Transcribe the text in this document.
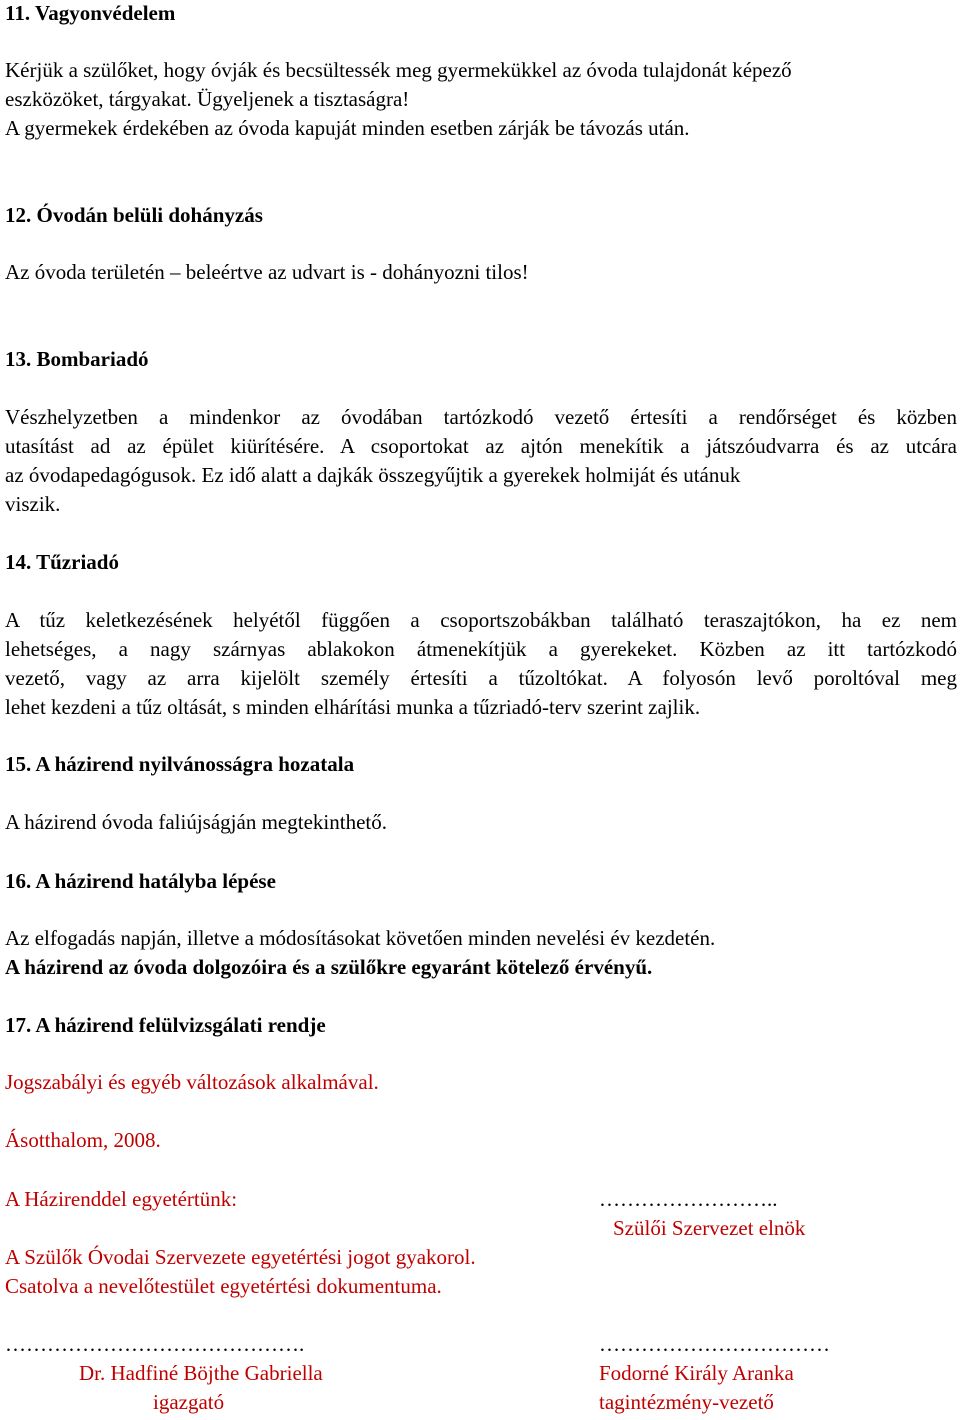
11. Vagyonvédelem
Kérjük a szülőket, hogy óvják és becsültessék meg gyermekükkel az óvoda tulajdonát képező
eszközöket, tárgyakat. Ügyeljenek a tisztaságra!
A gyermekek érdekében az óvoda kapuját minden esetben zárják be távozás után.
12. Óvodán belüli dohányzás
Az óvoda területén – beleértve az udvart is - dohányozni tilos!
13. Bombariadó
Vészhelyzetben a mindenkor az óvodában tartózkodó vezető értesíti a rendőrséget és közben
utasítást ad az épület kiürítésére. A csoportokat az ajtón menekítik a játszóudvarra és az utcára
az óvodapedagógusok. Ez idő alatt a dajkák összegyűjtik a gyerekek holmiját és utánuk
viszik.
14. Tűzriadó
A tűz keletkezésének helyétől függően a csoportszobákban található teraszajtókon, ha ez nem
lehetséges, a nagy szárnyas ablakokon átmenekítjük a gyerekeket. Közben az itt tartózkodó
vezető, vagy az arra kijelölt személy értesíti a tűzoltókat. A folyosón levő poroltóval meg
lehet kezdeni a tűz oltását, s minden elhárítási munka a tűzriadó-terv szerint zajlik.
15. A házirend nyilvánosságra hozatala
A házirend óvoda faliújságján megtekinthető.
16. A házirend hatályba lépése
Az elfogadás napján, illetve a módosításokat követően minden nevelési év kezdetén.
A házirend az óvoda dolgozóira és a szülőkre egyaránt kötelező érvényű.
17. A házirend felülvizsgálati rendje
Jogszabályi és egyéb változások alkalmával.
Ásotthalom, 2008.
A Házirenddel egyetértünk:	……………………..
Szülői Szervezet elnök
A Szülők Óvodai Szervezete egyetértési jogot gyakorol.
Csatolva a nevelőtestület egyetértési dokumentuma.
…………………………………….
Dr. Hadfiné Böjthe Gabriella
igazgató
……………………………
Fodorné Király Aranka
tagintézmény-vezető
